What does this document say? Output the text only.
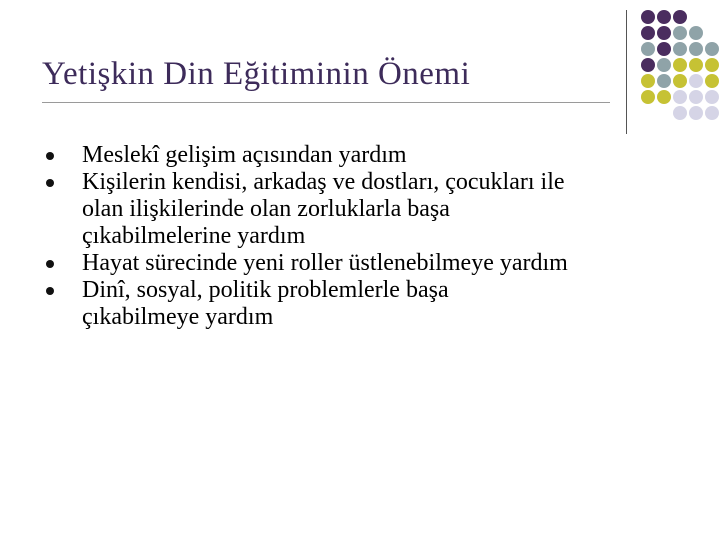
Yetişkin Din Eğitiminin Önemi
Meslekî gelişim açısından yardım
Kişilerin kendisi, arkadaş ve dostları, çocukları ile
olan ilişkilerinde olan zorluklarla başa
çıkabilmelerine yardım
Hayat sürecinde yeni roller üstlenebilmeye yardım
Dinî, sosyal, politik problemlerle başa
çıkabilmeye yardım
